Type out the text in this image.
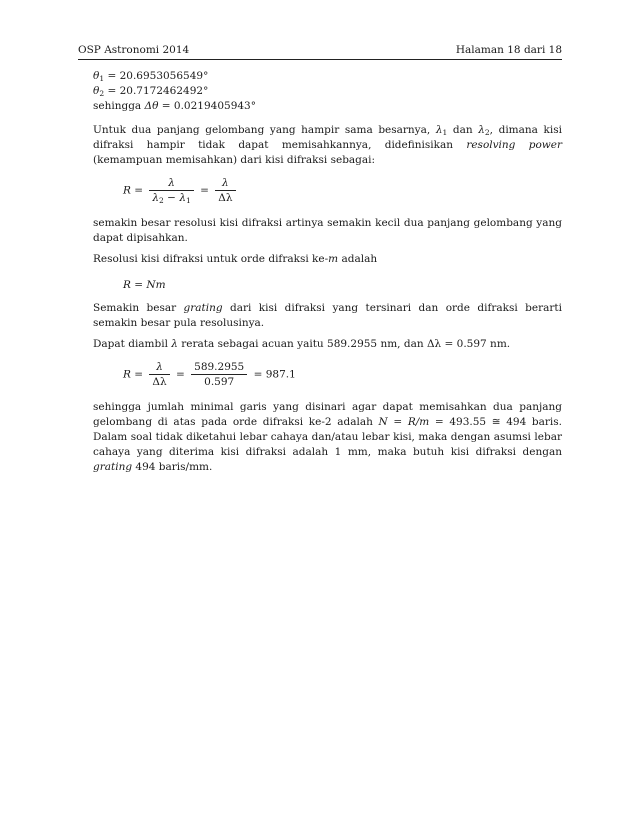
OSP Astronomi 2014	Halaman 18 dari 18
$\theta_1 = 20.6953056549^\circ$
$\theta_2 = 20.7172462492^\circ$
sehingga Δθ = 0.0219405943°
Untuk dua panjang gelombang yang hampir sama besarnya, $\lambda_1$ dan $\lambda_2$, dimana kisi difraksi hampir tidak dapat memisahkannya, didefinisikan resolving power (kemampuan memisahkan) dari kisi difraksi sebagai:
$R = \frac{\lambda}{\lambda_2 - \lambda_1} = \frac{\lambda}{\Delta\lambda}$
semakin besar resolusi kisi difraksi artinya semakin kecil dua panjang gelombang yang dapat dipisahkan.
Resolusi kisi difraksi untuk orde difraksi ke-m adalah
R = Nm
Semakin besar grating dari kisi difraksi yang tersinari dan orde difraksi berarti semakin besar pula resolusinya.
Dapat diambil λ rerata sebagai acuan yaitu 589.2955 nm, dan Δλ = 0.597 nm.
$R = \frac{\lambda}{\Delta\lambda} = \frac{589.2955}{0.597} = 987.1$
sehingga jumlah minimal garis yang disinari agar dapat memisahkan dua panjang gelombang di atas pada orde difraksi ke-2 adalah N = R/m = 493.55 ≅ 494 baris. Dalam soal tidak diketahui lebar cahaya dan/atau lebar kisi, maka dengan asumsi lebar cahaya yang diterima kisi difraksi adalah 1 mm, maka butuh kisi difraksi dengan grating 494 baris/mm.
